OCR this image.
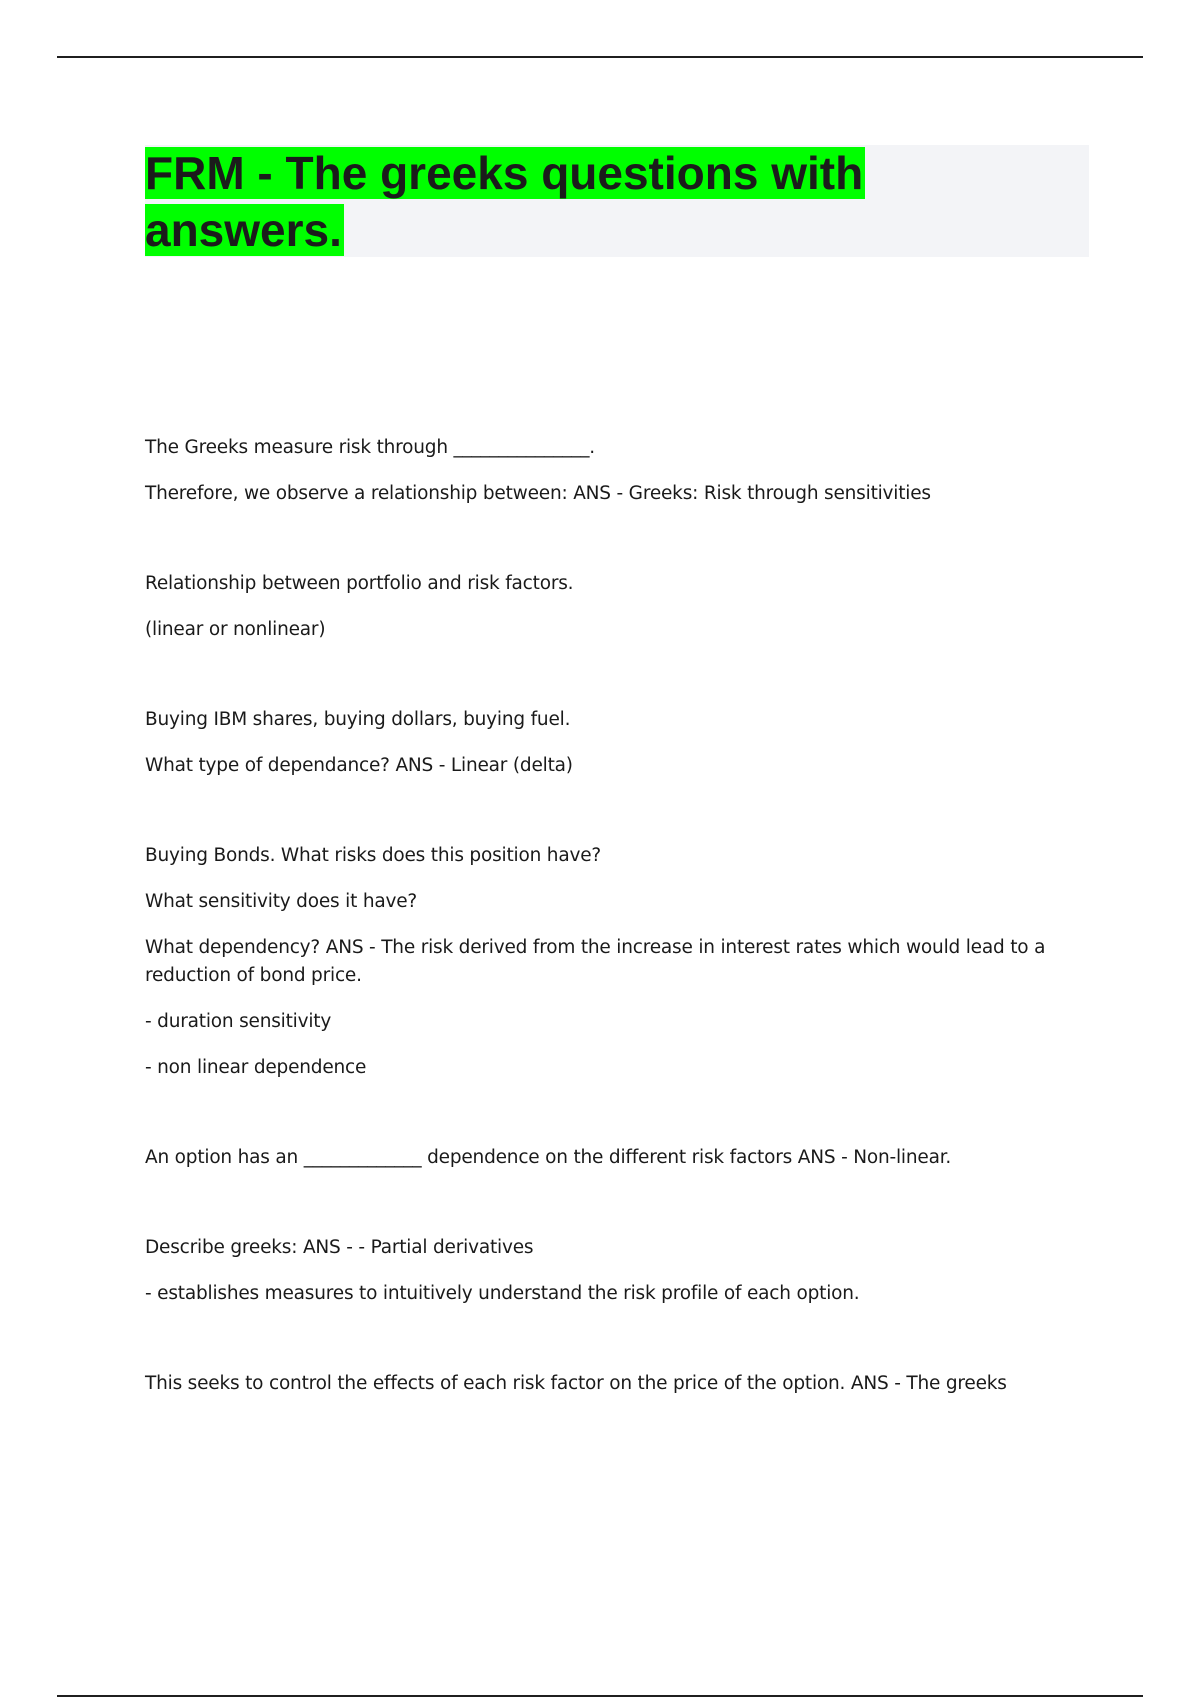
FRM - The greeks questions with answers.

The Greeks measure risk through _______________.

Therefore, we observe a relationship between: ANS - Greeks: Risk through sensitivities

Relationship between portfolio and risk factors.

(linear or nonlinear)

Buying IBM shares, buying dollars, buying fuel.

What type of dependance? ANS - Linear (delta)

Buying Bonds. What risks does this position have?

What sensitivity does it have?

What dependency? ANS - The risk derived from the increase in interest rates which would lead to a reduction of bond price.

- duration sensitivity

- non linear dependence

An option has an _____________ dependence on the different risk factors ANS - Non-linear.

Describe greeks: ANS - - Partial derivatives

- establishes measures to intuitively understand the risk profile of each option.

This seeks to control the effects of each risk factor on the price of the option. ANS - The greeks
